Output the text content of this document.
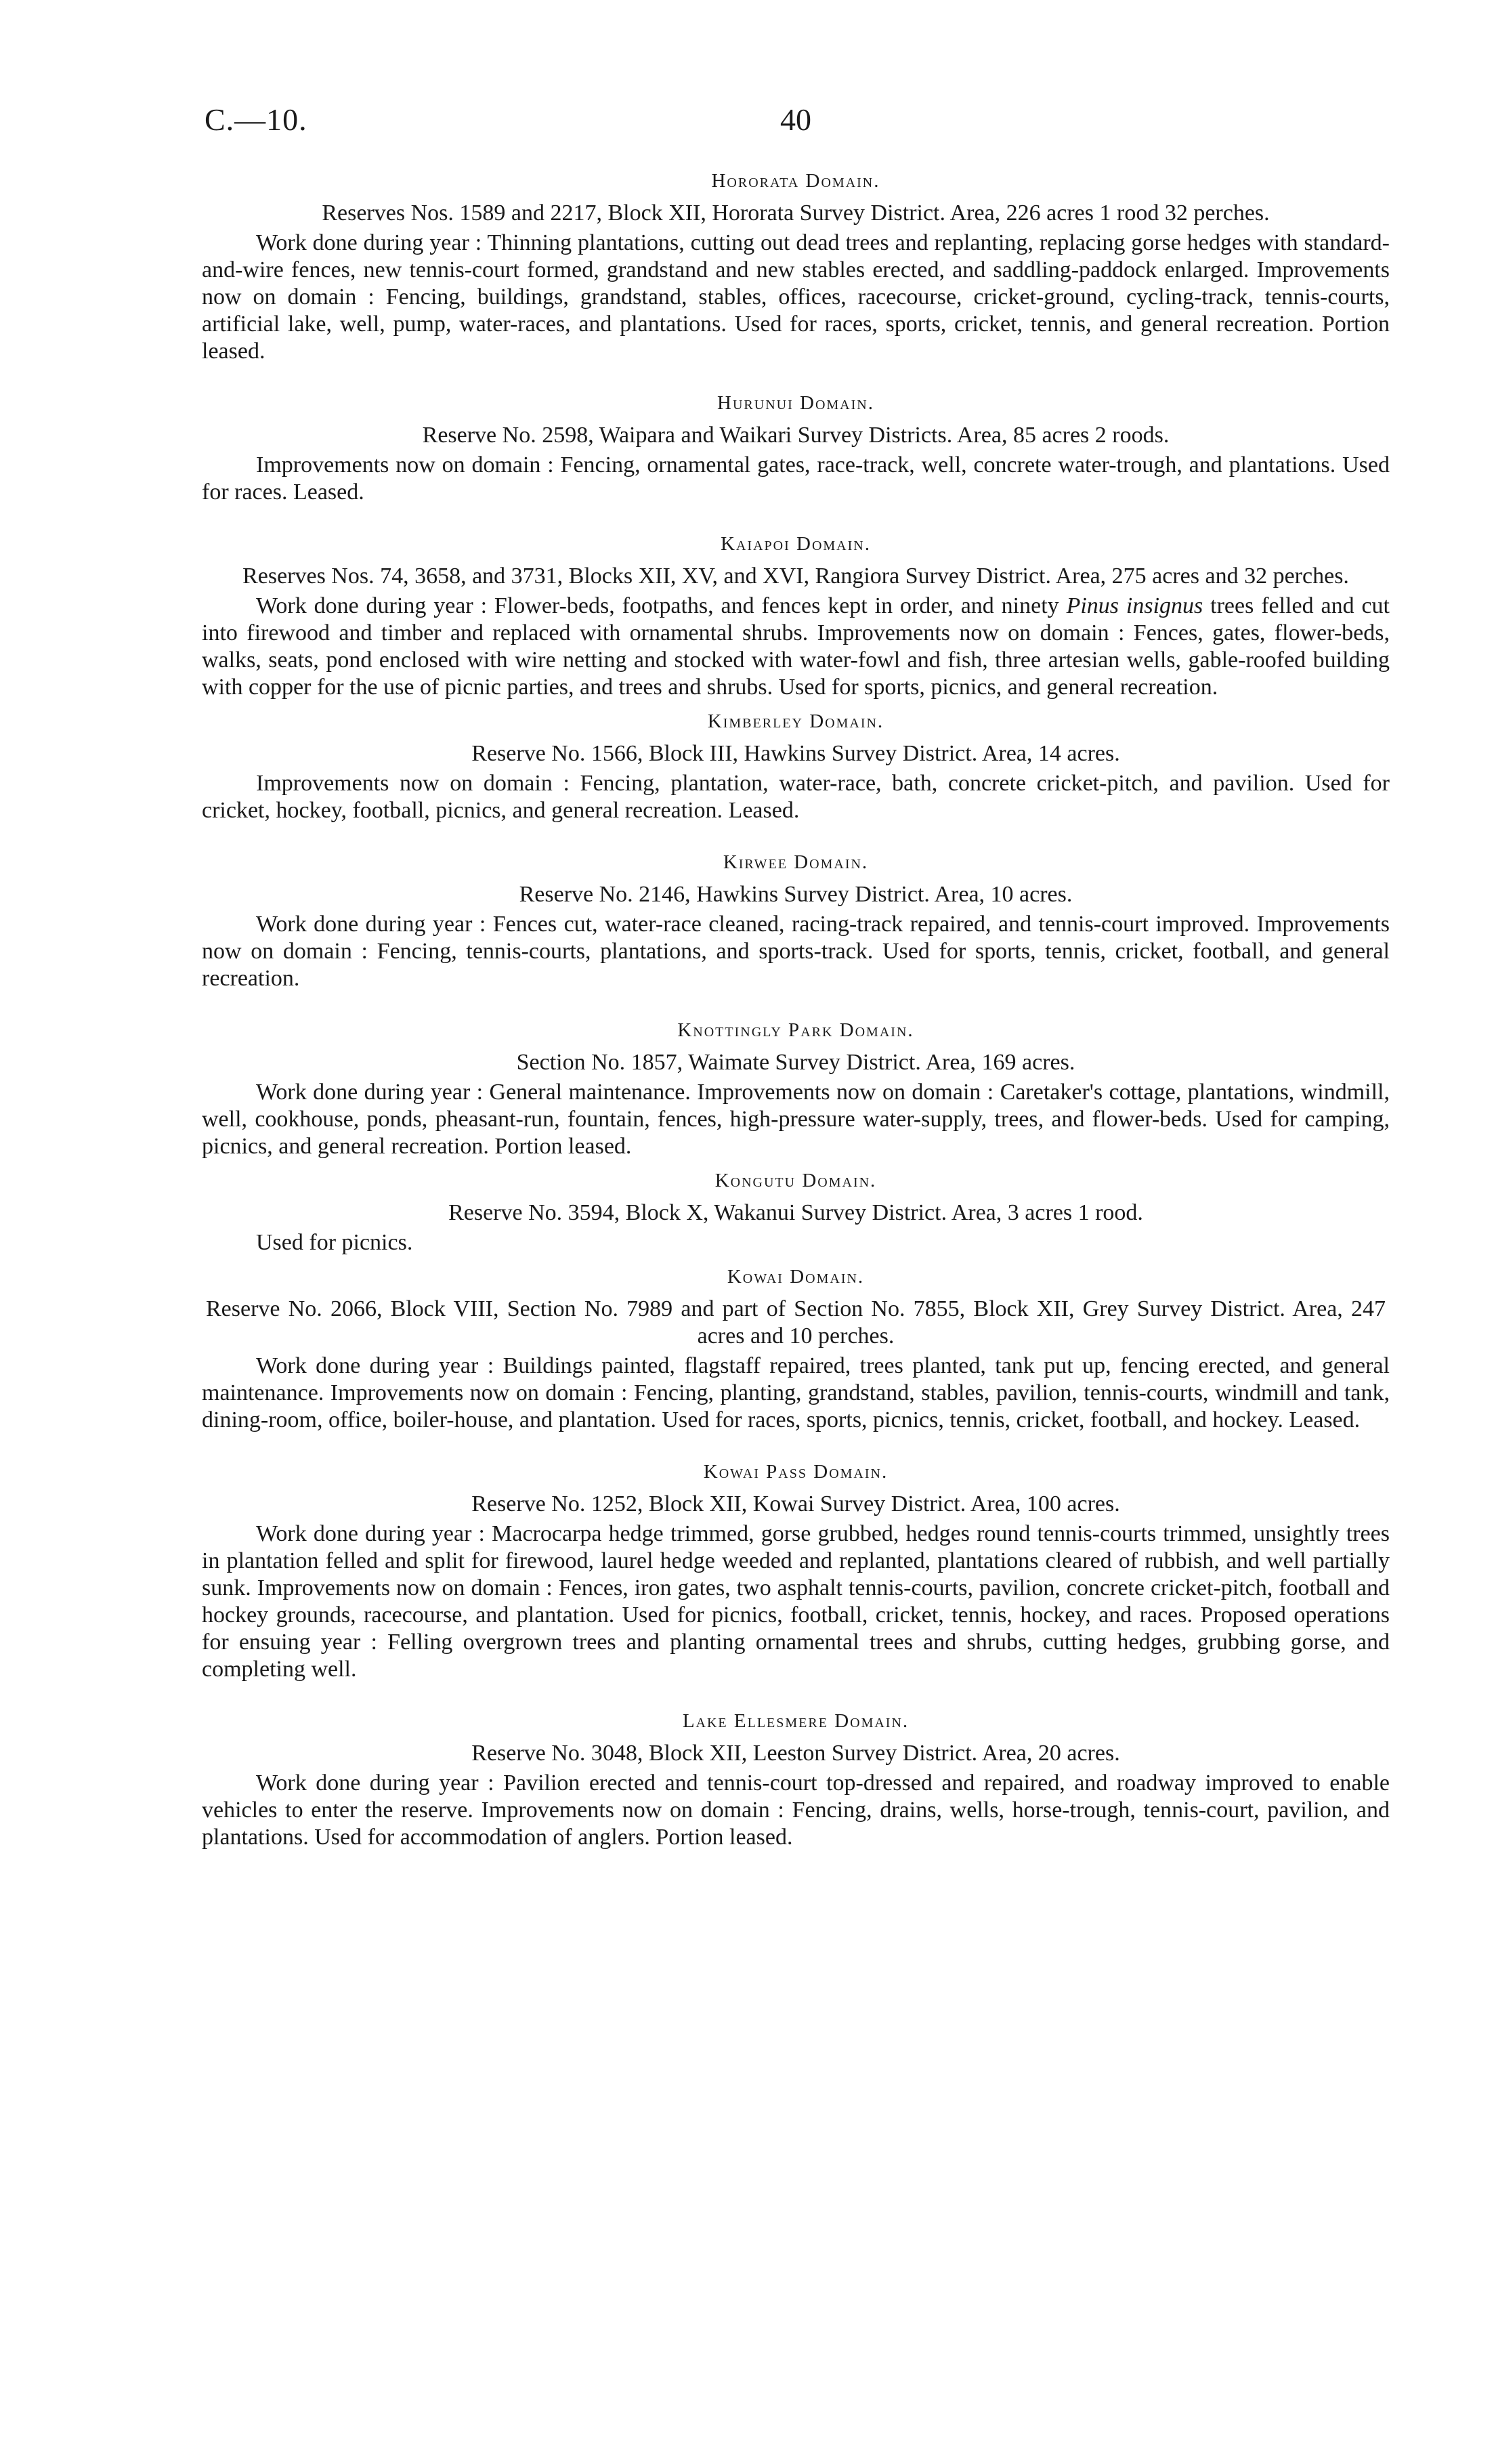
C.—10.	40
Hororata Domain.

Reserves Nos. 1589 and 2217, Block XII, Hororata Survey District. Area, 226 acres 1 rood 32 perches.

Work done during year : Thinning plantations, cutting out dead trees and replanting, replacing gorse hedges with standard-and-wire fences, new tennis-court formed, grandstand and new stables erected, and saddling-paddock enlarged. Improvements now on domain : Fencing, buildings, grandstand, stables, offices, racecourse, cricket-ground, cycling-track, tennis-courts, artificial lake, well, pump, water-races, and plantations. Used for races, sports, cricket, tennis, and general recreation. Portion leased.

Hurunui Domain.

Reserve No. 2598, Waipara and Waikari Survey Districts. Area, 85 acres 2 roods.

Improvements now on domain : Fencing, ornamental gates, race-track, well, concrete water-trough, and plantations. Used for races. Leased.

Kaiapoi Domain.

Reserves Nos. 74, 3658, and 3731, Blocks XII, XV, and XVI, Rangiora Survey District. Area, 275 acres and 32 perches.

Work done during year : Flower-beds, footpaths, and fences kept in order, and ninety Pinus insignus trees felled and cut into firewood and timber and replaced with ornamental shrubs. Improvements now on domain : Fences, gates, flower-beds, walks, seats, pond enclosed with wire netting and stocked with water-fowl and fish, three artesian wells, gable-roofed building with copper for the use of picnic parties, and trees and shrubs. Used for sports, picnics, and general recreation.

Kimberley Domain.

Reserve No. 1566, Block III, Hawkins Survey District. Area, 14 acres.

Improvements now on domain : Fencing, plantation, water-race, bath, concrete cricket-pitch, and pavilion. Used for cricket, hockey, football, picnics, and general recreation. Leased.

Kirwee Domain.

Reserve No. 2146, Hawkins Survey District. Area, 10 acres.

Work done during year : Fences cut, water-race cleaned, racing-track repaired, and tennis-court improved. Improvements now on domain : Fencing, tennis-courts, plantations, and sports-track. Used for sports, tennis, cricket, football, and general recreation.

Knottingly Park Domain.

Section No. 1857, Waimate Survey District. Area, 169 acres.

Work done during year : General maintenance. Improvements now on domain : Caretaker's cottage, plantations, windmill, well, cookhouse, ponds, pheasant-run, fountain, fences, high-pressure water-supply, trees, and flower-beds. Used for camping, picnics, and general recreation. Portion leased.

Kongutu Domain.

Reserve No. 3594, Block X, Wakanui Survey District. Area, 3 acres 1 rood.

Used for picnics.

Kowai Domain.

Reserve No. 2066, Block VIII, Section No. 7989 and part of Section No. 7855, Block XII, Grey Survey District. Area, 247 acres and 10 perches.

Work done during year : Buildings painted, flagstaff repaired, trees planted, tank put up, fencing erected, and general maintenance. Improvements now on domain : Fencing, planting, grandstand, stables, pavilion, tennis-courts, windmill and tank, dining-room, office, boiler-house, and plantation. Used for races, sports, picnics, tennis, cricket, football, and hockey. Leased.

Kowai Pass Domain.

Reserve No. 1252, Block XII, Kowai Survey District. Area, 100 acres.

Work done during year : Macrocarpa hedge trimmed, gorse grubbed, hedges round tennis-courts trimmed, unsightly trees in plantation felled and split for firewood, laurel hedge weeded and replanted, plantations cleared of rubbish, and well partially sunk. Improvements now on domain : Fences, iron gates, two asphalt tennis-courts, pavilion, concrete cricket-pitch, football and hockey grounds, racecourse, and plantation. Used for picnics, football, cricket, tennis, hockey, and races. Proposed operations for ensuing year : Felling overgrown trees and planting ornamental trees and shrubs, cutting hedges, grubbing gorse, and completing well.

Lake Ellesmere Domain.

Reserve No. 3048, Block XII, Leeston Survey District. Area, 20 acres.

Work done during year : Pavilion erected and tennis-court top-dressed and repaired, and roadway improved to enable vehicles to enter the reserve. Improvements now on domain : Fencing, drains, wells, horse-trough, tennis-court, pavilion, and plantations. Used for accommodation of anglers. Portion leased.
